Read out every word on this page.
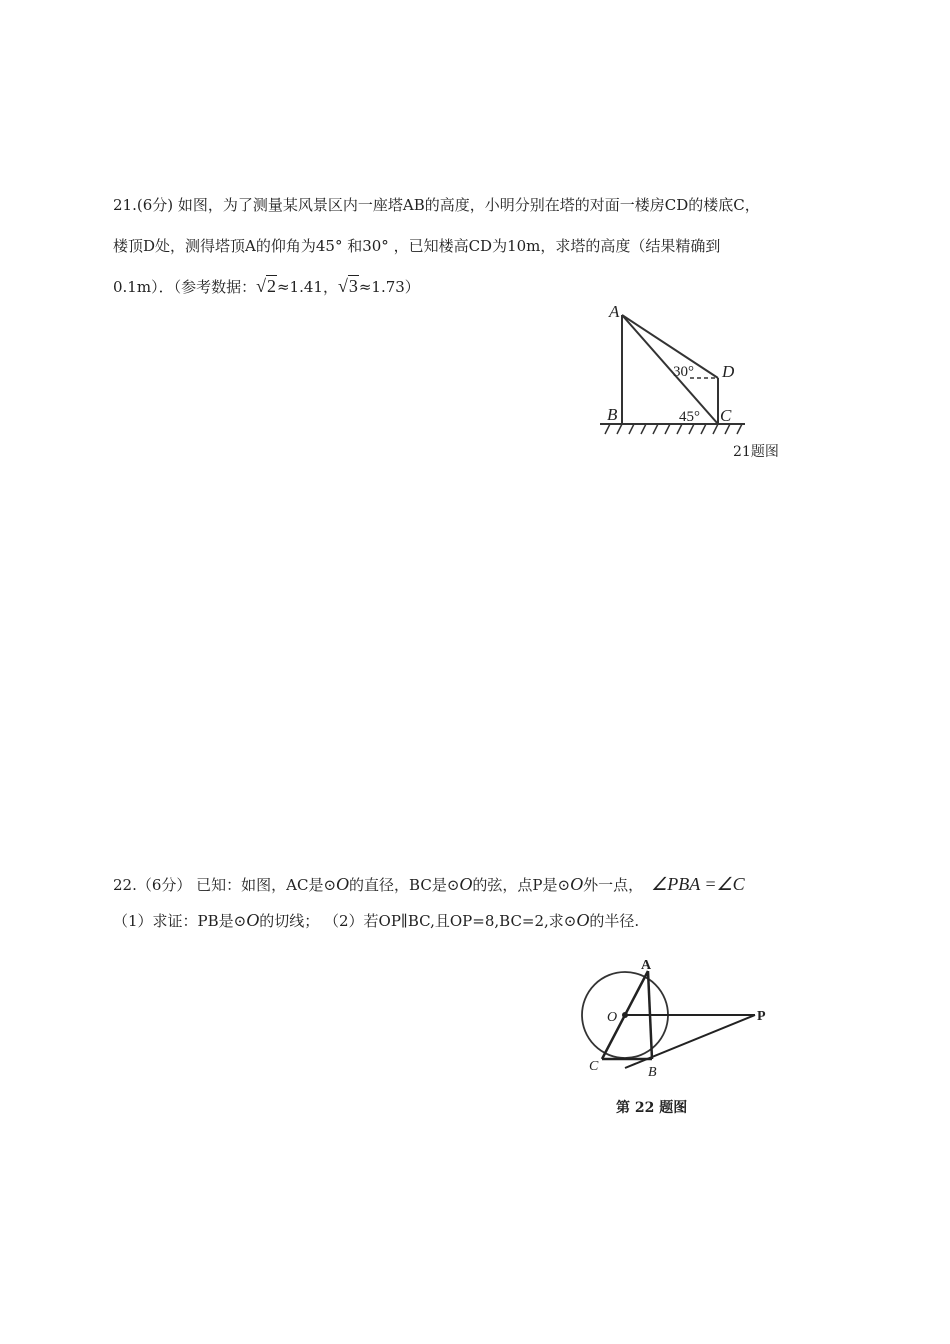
21.(6分) 如图，为了测量某风景区内一座塔AB的高度，小明分别在塔的对面一楼房CD的楼底C，
楼顶D处，测得塔顶A的仰角为45° 和30° ，已知楼高CD为10m，求塔的高度（结果精确到
0.1m）．（参考数据：√2≈1.41，√3≈1.73）
A
B	C
D
30°
45°
21题图
22.（6分） 已知：如图，AC是⊙O的直径，BC是⊙O的弦，点P是⊙O外一点， ∠PBA =∠C
（1）求证：PB是⊙O的切线； （2）若OP∥BC,且OP=8,BC=2,求⊙O的半径.
A
O	P
C	B
第 22 题图
